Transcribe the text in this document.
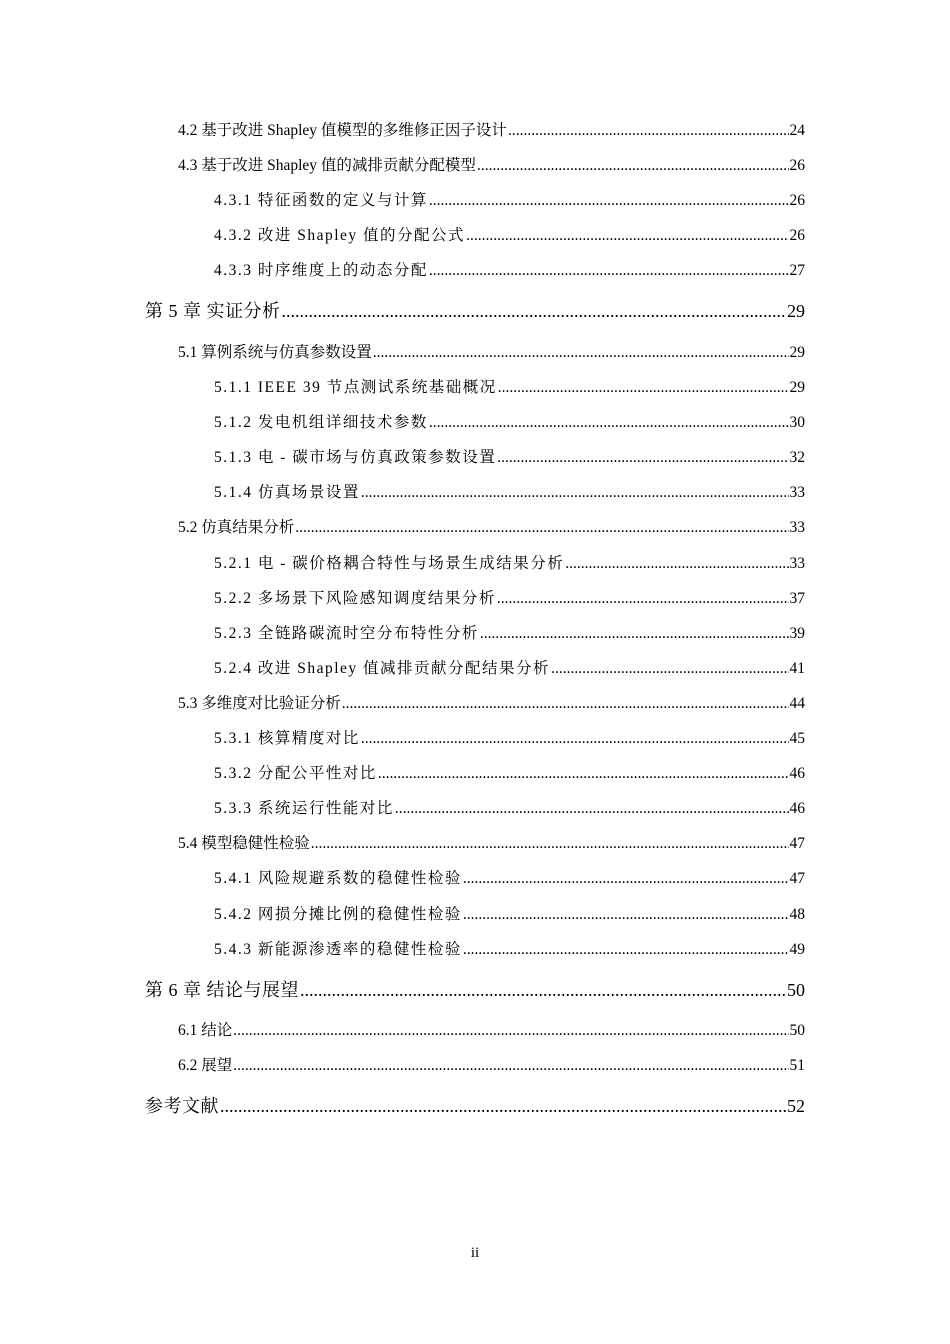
4.2 基于改进 Shapley 值模型的多维修正因子设计 .....	24
4.3 基于改进 Shapley 值的减排贡献分配模型 .....	26
4.3.1 特征函数的定义与计算 .....	26
4.3.2 改进 Shapley 值的分配公式 .....	26
4.3.3 时序维度上的动态分配 .....	27
第 5 章 实证分析 .....	29
5.1 算例系统与仿真参数设置 .....	29
5.1.1 IEEE 39 节点测试系统基础概况 .....	29
5.1.2 发电机组详细技术参数 .....	30
5.1.3 电 - 碳市场与仿真政策参数设置 .....	32
5.1.4 仿真场景设置 .....	33
5.2 仿真结果分析 .....	33
5.2.1 电 - 碳价格耦合特性与场景生成结果分析 .....	33
5.2.2 多场景下风险感知调度结果分析 .....	37
5.2.3 全链路碳流时空分布特性分析 .....	39
5.2.4 改进 Shapley 值减排贡献分配结果分析 .....	41
5.3 多维度对比验证分析 .....	44
5.3.1 核算精度对比 .....	45
5.3.2 分配公平性对比 .....	46
5.3.3 系统运行性能对比 .....	46
5.4 模型稳健性检验 .....	47
5.4.1 风险规避系数的稳健性检验 .....	47
5.4.2 网损分摊比例的稳健性检验 .....	48
5.4.3 新能源渗透率的稳健性检验 .....	49
第 6 章 结论与展望 .....	50
6.1 结论 .....	50
6.2 展望 .....	51
参考文献 .....	52
ii
